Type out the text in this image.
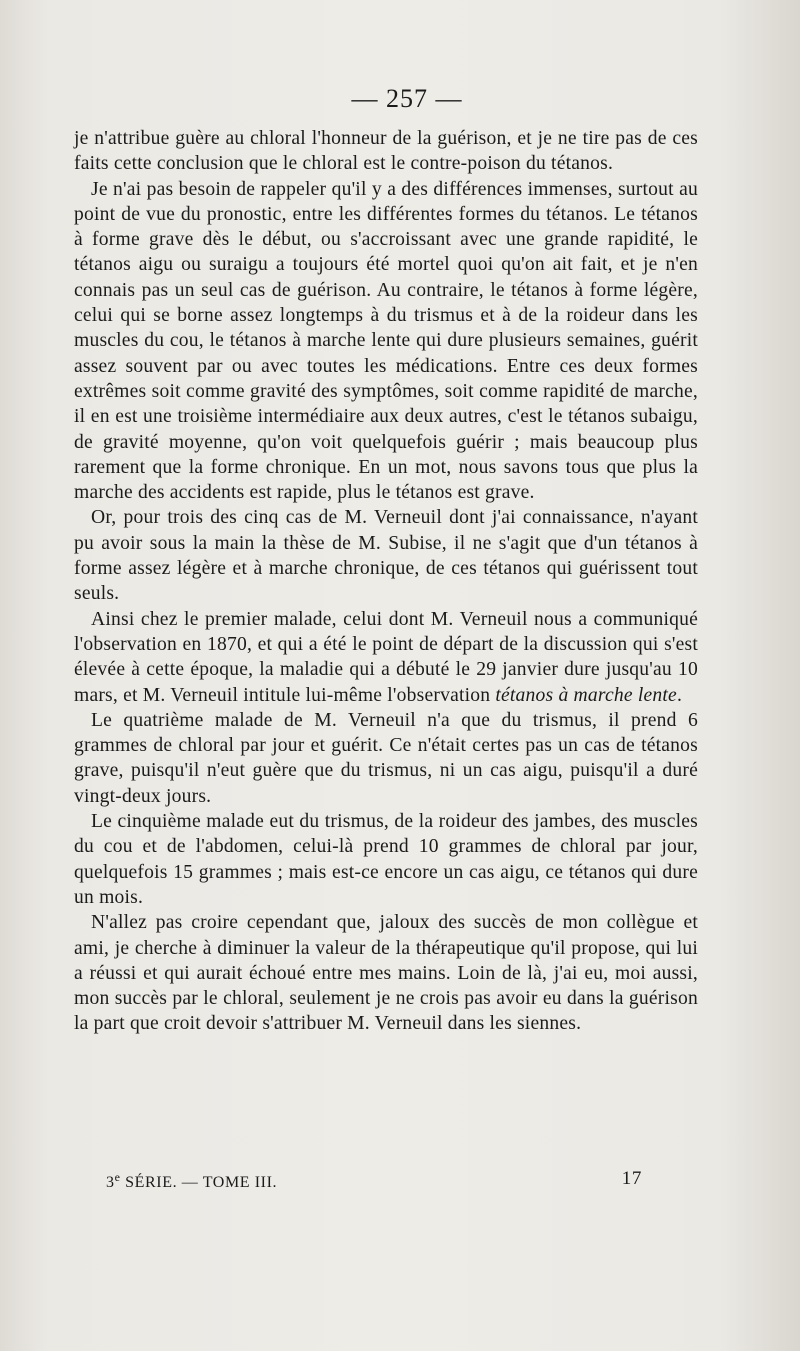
— 257 —

je n'attribue guère au chloral l'honneur de la guérison, et je ne tire pas de ces faits cette conclusion que le chloral est le contre-poison du tétanos.

Je n'ai pas besoin de rappeler qu'il y a des différences immenses, surtout au point de vue du pronostic, entre les différentes formes du tétanos. Le tétanos à forme grave dès le début, ou s'accroissant avec une grande rapidité, le tétanos aigu ou suraigu a toujours été mortel quoi qu'on ait fait, et je n'en connais pas un seul cas de guérison. Au contraire, le tétanos à forme légère, celui qui se borne assez longtemps à du trismus et à de la roideur dans les muscles du cou, le tétanos à marche lente qui dure plusieurs semaines, guérit assez souvent par ou avec toutes les médications. Entre ces deux formes extrêmes soit comme gravité des symptômes, soit comme rapidité de marche, il en est une troisième intermédiaire aux deux autres, c'est le tétanos subaigu, de gravité moyenne, qu'on voit quelquefois guérir ; mais beaucoup plus rarement que la forme chronique. En un mot, nous savons tous que plus la marche des accidents est rapide, plus le tétanos est grave.

Or, pour trois des cinq cas de M. Verneuil dont j'ai connaissance, n'ayant pu avoir sous la main la thèse de M. Subise, il ne s'agit que d'un tétanos à forme assez légère et à marche chronique, de ces tétanos qui guérissent tout seuls.

Ainsi chez le premier malade, celui dont M. Verneuil nous a communiqué l'observation en 1870, et qui a été le point de départ de la discussion qui s'est élevée à cette époque, la maladie qui a débuté le 29 janvier dure jusqu'au 10 mars, et M. Verneuil intitule lui-même l'observation tétanos à marche lente.

Le quatrième malade de M. Verneuil n'a que du trismus, il prend 6 grammes de chloral par jour et guérit. Ce n'était certes pas un cas de tétanos grave, puisqu'il n'eut guère que du trismus, ni un cas aigu, puisqu'il a duré vingt-deux jours.

Le cinquième malade eut du trismus, de la roideur des jambes, des muscles du cou et de l'abdomen, celui-là prend 10 grammes de chloral par jour, quelquefois 15 grammes ; mais est-ce encore un cas aigu, ce tétanos qui dure un mois.

N'allez pas croire cependant que, jaloux des succès de mon collègue et ami, je cherche à diminuer la valeur de la thérapeutique qu'il propose, qui lui a réussi et qui aurait échoué entre mes mains. Loin de là, j'ai eu, moi aussi, mon succès par le chloral, seulement je ne crois pas avoir eu dans la guérison la part que croit devoir s'attribuer M. Verneuil dans les siennes.

3e SÉRIE. — TOME III.	17
